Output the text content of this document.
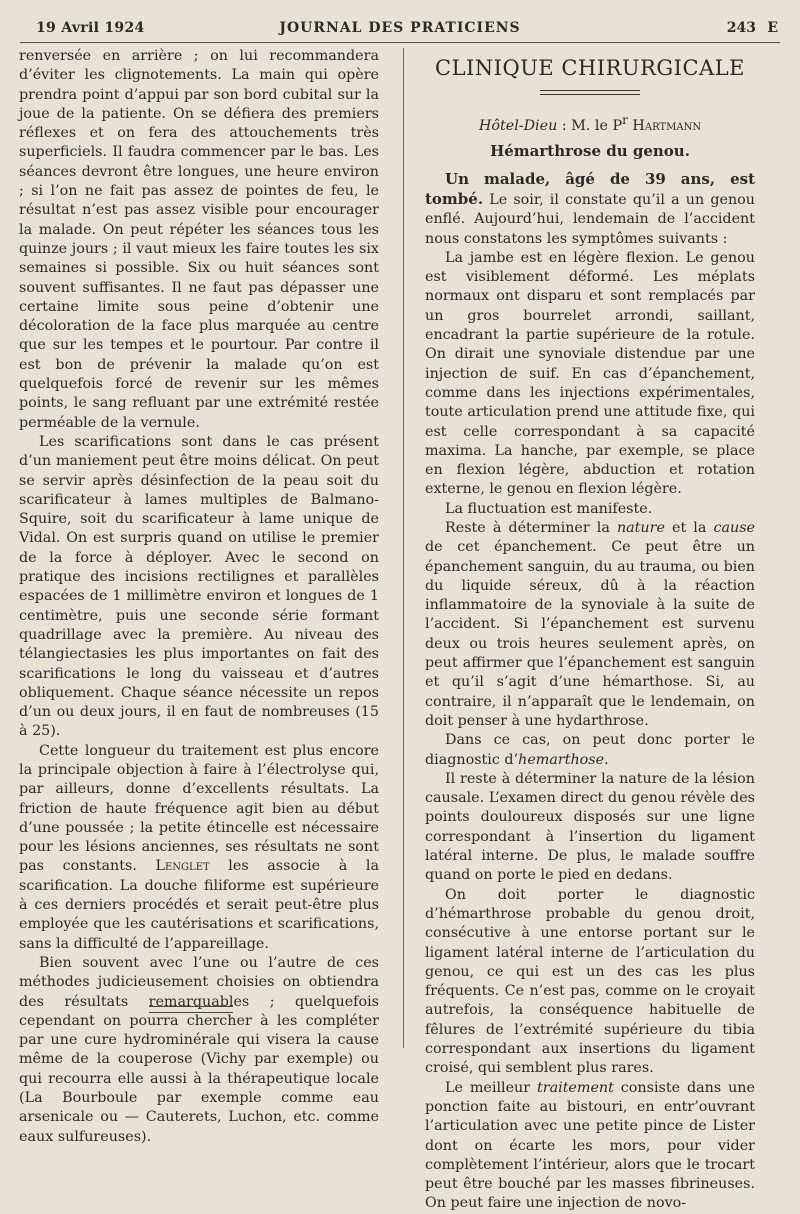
19 Avril 1924	JOURNAL DES PRATICIENS	243 E

renversée en arrière ; on lui recommandera d’éviter les clignotements. La main qui opère prendra point d’appui par son bord cubital sur la joue de la patiente. On se défiera des premiers réflexes et on fera des attouchements très superficiels. Il faudra commencer par le bas. Les séances devront être longues, une heure environ ; si l’on ne fait pas assez de pointes de feu, le résultat n’est pas assez visible pour encourager la malade. On peut répéter les séances tous les quinze jours ; il vaut mieux les faire toutes les six semaines si possible. Six ou huit séances sont souvent suffisantes. Il ne faut pas dépasser une certaine limite sous peine d’obtenir une décoloration de la face plus marquée au centre que sur les tempes et le pourtour. Par contre il est bon de prévenir la malade qu’on est quelquefois forcé de revenir sur les mêmes points, le sang refluant par une extrémité restée perméable de la vernule.

Les scarifications sont dans le cas présent d’un maniement peut être moins délicat. On peut se servir après désinfection de la peau soit du scarificateur à lames multiples de Balmano-Squire, soit du scarificateur à lame unique de Vidal. On est surpris quand on utilise le premier de la force à déployer. Avec le second on pratique des incisions rectilignes et parallèles espacées de 1 millimètre environ et longues de 1 centimètre, puis une seconde série formant quadrillage avec la première. Au niveau des télangiectasies les plus importantes on fait des scarifications le long du vaisseau et d’autres obliquement. Chaque séance nécessite un repos d’un ou deux jours, il en faut de nombreuses (15 à 25).

Cette longueur du traitement est plus encore la principale objection à faire à l’électrolyse qui, par ailleurs, donne d’excellents résultats. La friction de haute fréquence agit bien au début d’une poussée ; la petite étincelle est nécessaire pour les lésions anciennes, ses résultats ne sont pas constants. Lenglet les associe à la scarification. La douche filiforme est supérieure à ces derniers procédés et serait peut-être plus employée que les cautérisations et scarifications, sans la difficulté de l’appareillage.

Bien souvent avec l’une ou l’autre de ces méthodes judicieusement choisies on obtiendra des résultats remarquables ; quelquefois cependant on pourra chercher à les compléter par une cure hydrominérale qui visera la cause même de la couperose (Vichy par exemple) ou qui recourra elle aussi à la thérapeutique locale (La Bourboule par exemple comme eau arsenicale ou — Cauterets, Luchon, etc. comme eaux sulfureuses).

CLINIQUE CHIRURGICALE
Hôtel-Dieu : M. le $P^r$ Hartmann
Hémarthrose du genou.

Un malade, âgé de 39 ans, est tombé. Le soir, il constate qu’il a un genou enflé. Aujourd’hui, lendemain de l’accident nous constatons les symptômes suivants :

La jambe est en légère flexion. Le genou est visiblement déformé. Les méplats normaux ont disparu et sont remplacés par un gros bourrelet arrondi, saillant, encadrant la partie supérieure de la rotule. On dirait une synoviale distendue par une injection de suif. En cas d’épanchement, comme dans les injections expérimentales, toute articulation prend une attitude fixe, qui est celle correspondant à sa capacité maxima. La hanche, par exemple, se place en flexion légère, abduction et rotation externe, le genou en flexion légère.

La fluctuation est manifeste.

Reste à déterminer la nature et la cause de cet épanchement. Ce peut être un épanchement sanguin, du au trauma, ou bien du liquide séreux, dû à la réaction inflammatoire de la synoviale à la suite de l’accident. Si l’épanchement est survenu deux ou trois heures seulement après, on peut affirmer que l’épanchement est sanguin et qu’il s’agit d’une hémarthose. Si, au contraire, il n’apparaît que le lendemain, on doit penser à une hydarthrose.

Dans ce cas, on peut donc porter le diagnostic d’hemarthose.

Il reste à déterminer la nature de la lésion causale. L’examen direct du genou révèle des points douloureux disposés sur une ligne correspondant à l’insertion du ligament latéral interne. De plus, le malade souffre quand on porte le pied en dedans.

On doit porter le diagnostic d’hémarthrose probable du genou droit, consécutive à une entorse portant sur le ligament latéral interne de l’articulation du genou, ce qui est un des cas les plus fréquents. Ce n’est pas, comme on le croyait autrefois, la conséquence habituelle de fêlures de l’extrémité supérieure du tibia correspondant aux insertions du ligament croisé, qui semblent plus rares.

Le meilleur traitement consiste dans une ponction faite au bistouri, en entr’ouvrant l’articulation avec une petite pince de Lister dont on écarte les mors, pour vider complètement l’intérieur, alors que le trocart peut être bouché par les masses fibrineuses. On peut faire une injection de novo-
